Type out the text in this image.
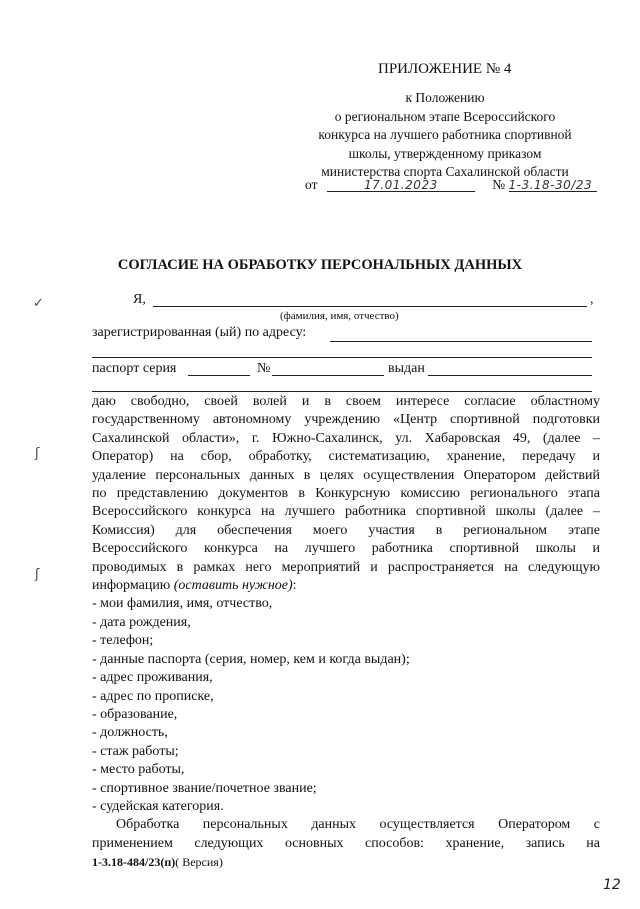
ПРИЛОЖЕНИЕ № 4
к Положению
о региональном этапе Всероссийского
конкурса на лучшего работника спортивной
школы, утвержденному приказом
министерства спорта Сахалинской области
от	17.01.2023	№ 1-3.18-30/23
СОГЛАСИЕ НА ОБРАБОТКУ ПЕРСОНАЛЬНЫХ ДАННЫХ
Я,	,
(фамилия, имя, отчество)
зарегистрированная (ый) по адресу:
паспорт серия	№	выдан
даю свободно, своей волей и в своем интересе согласие областному
государственному автономному учреждению «Центр спортивной подготовки
Сахалинской области», г. Южно-Сахалинск, ул. Хабаровская 49, (далее –
Оператор) на сбор, обработку, систематизацию, хранение, передачу и
удаление персональных данных в целях осуществления Оператором действий
по представлению документов в Конкурсную комиссию регионального этапа
Всероссийского конкурса на лучшего работника спортивной школы (далее –
Комиссия) для обеспечения моего участия в региональном этапе
Всероссийского конкурса на лучшего работника спортивной школы и
проводимых в рамках него мероприятий и распространяется на следующую
информацию (оставить нужное):
- мои фамилия, имя, отчество,
- дата рождения,
- телефон;
- данные паспорта (серия, номер, кем и когда выдан);
- адрес проживания,
- адрес по прописке,
- образование,
- должность,
- стаж работы;
- место работы,
- спортивное звание/почетное звание;
- судейская категория.
Обработка персональных данных осуществляется Оператором с
применением следующих основных способов: хранение, запись на
1-3.18-484/23(п)( Версия)
12
✓
ʃ
ʃ
